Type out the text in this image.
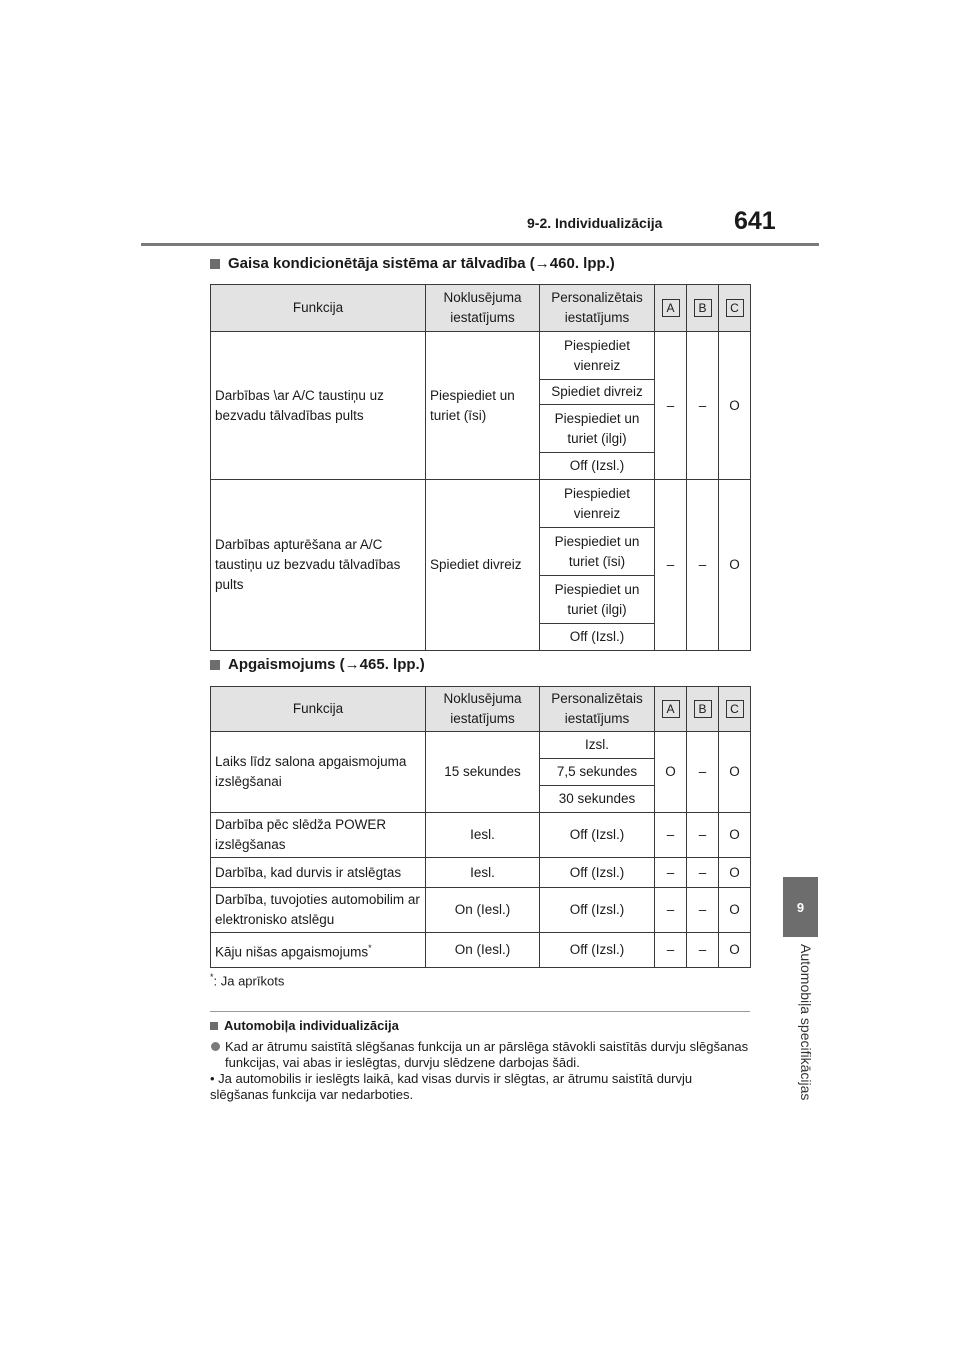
9-2. Individualizācija	641
9
Automobiļa specifikācijas
Gaisa kondicionētāja sistēma ar tālvadība (→460. lpp.)
Funkcija	Noklusējuma iestatījums	Personalizētais iestatījums	A	B	C
Darbības \ar A/C taustiņu uz bezvadu tālvadības pults	Piespiediet un turiet (īsi)	Piespiediet vienreiz	–	–	O
		Spiediet divreiz			
		Piespiediet un turiet (ilgi)			
		Off (Izsl.)			
Darbības apturēšana ar A/C taustiņu uz bezvadu tālvadības pults	Spiediet divreiz	Piespiediet vienreiz	–	–	O
		Piespiediet un turiet (īsi)			
		Piespiediet un turiet (ilgi)			
		Off (Izsl.)			
Apgaismojums (→465. lpp.)
Funkcija	Noklusējuma iestatījums	Personalizētais iestatījums	A	B	C
Laiks līdz salona apgaismojuma izslēgšanai	15 sekundes	Izsl.	O	–	O
		7,5 sekundes			
		30 sekundes			
Darbība pēc slēdža POWER izslēgšanas	Iesl.	Off (Izsl.)	–	–	O
Darbība, kad durvis ir atslēgtas	Iesl.	Off (Izsl.)	–	–	O
Darbība, tuvojoties automobilim ar elektronisko atslēgu	On (Iesl.)	Off (Izsl.)	–	–	O
Kāju nišas apgaismojums*	On (Iesl.)	Off (Izsl.)	–	–	O
*: Ja aprīkots
Automobiļa individualizācija
Kad ar ātrumu saistītā slēgšanas funkcija un ar pārslēga stāvokli saistītās durvju slēgšanas funkcijas, vai abas ir ieslēgtas, durvju slēdzene darbojas šādi.
• Ja automobilis ir ieslēgts laikā, kad visas durvis ir slēgtas, ar ātrumu saistītā durvju slēgšanas funkcija var nedarboties.
